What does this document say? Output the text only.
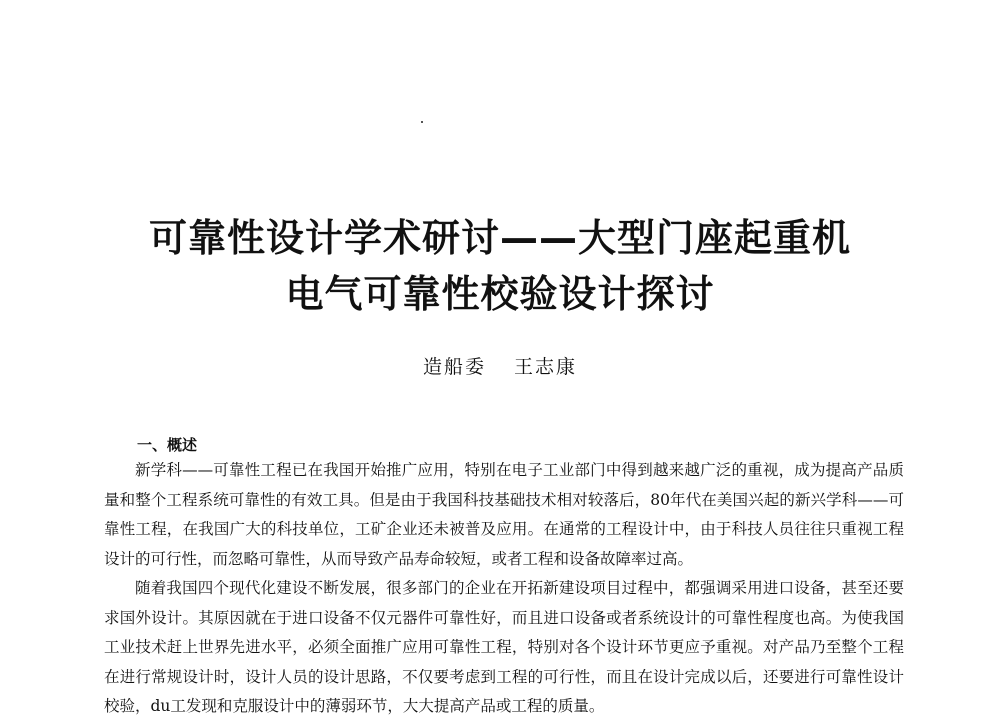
可靠性设计学术研讨——大型门座起重机
电气可靠性校验设计探讨
造船委 王志康
一、概述

新学科——可靠性工程已在我国开始推广应用，特别在电子工业部门中得到越来越广泛的重视，成为提高产品质量和整个工程系统可靠性的有效工具。但是由于我国科技基础技术相对较落后，80年代在美国兴起的新兴学科——可靠性工程，在我国广大的科技单位，工矿企业还未被普及应用。在通常的工程设计中，由于科技人员往往只重视工程设计的可行性，而忽略可靠性，从而导致产品寿命较短，或者工程和设备故障率过高。

随着我国四个现代化建设不断发展，很多部门的企业在开拓新建设项目过程中，都强调采用进口设备，甚至还要求国外设计。其原因就在于进口设备不仅元器件可靠性好，而且进口设备或者系统设计的可靠性程度也高。为使我国工业技术赶上世界先进水平，必须全面推广应用可靠性工程，特别对各个设计环节更应予重视。对产品乃至整个工程在进行常规设计时，设计人员的设计思路，不仅要考虑到工程的可行性，而且在设计完成以后，还要进行可靠性设计校验，du工发现和克服设计中的薄弱环节，大大提高产品或工程的质量。
